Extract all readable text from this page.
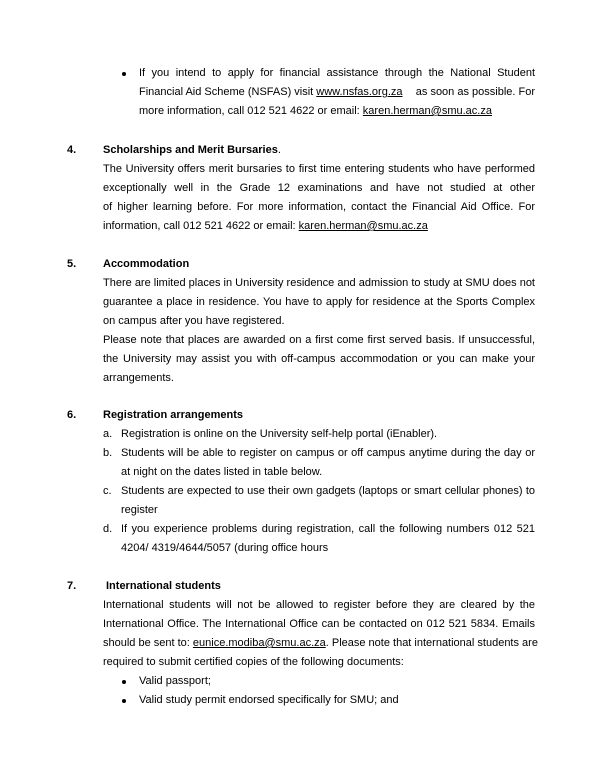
If you intend to apply for financial assistance through the National Student
Financial Aid Scheme (NSFAS) visit www.nsfas.org.za as soon as possible. For
more information, call 012 521 4622 or email: karen.herman@smu.ac.za
4. Scholarships and Merit Bursaries.
The University offers merit bursaries to first time entering students who have performed
exceptionally well in the Grade 12 examinations and have not studied at other
of higher learning before. For more information, contact the Financial Aid Office. For
information, call 012 521 4622 or email: karen.herman@smu.ac.za
5. Accommodation
There are limited places in University residence and admission to study at SMU does not
guarantee a place in residence. You have to apply for residence at the Sports Complex
on campus after you have registered.
Please note that places are awarded on a first come first served basis. If unsuccessful,
the University may assist you with off-campus accommodation or you can make your
arrangements.
6. Registration arrangements
a. Registration is online on the University self-help portal (iEnabler).
b. Students will be able to register on campus or off campus anytime during the day or
at night on the dates listed in table below.
c. Students are expected to use their own gadgets (laptops or smart cellular phones) to
register
d. If you experience problems during registration, call the following numbers 012 521
4204/ 4319/4644/5057 (during office hours
7.	International students
International students will not be allowed to register before they are cleared by the
International Office. The International Office can be contacted on 012 521 5834. Emails
should be sent to: eunice.modiba@smu.ac.za . Please note that international students are
required to submit certified copies of the following documents:
Valid passport;
Valid study permit endorsed specifically for SMU; and
